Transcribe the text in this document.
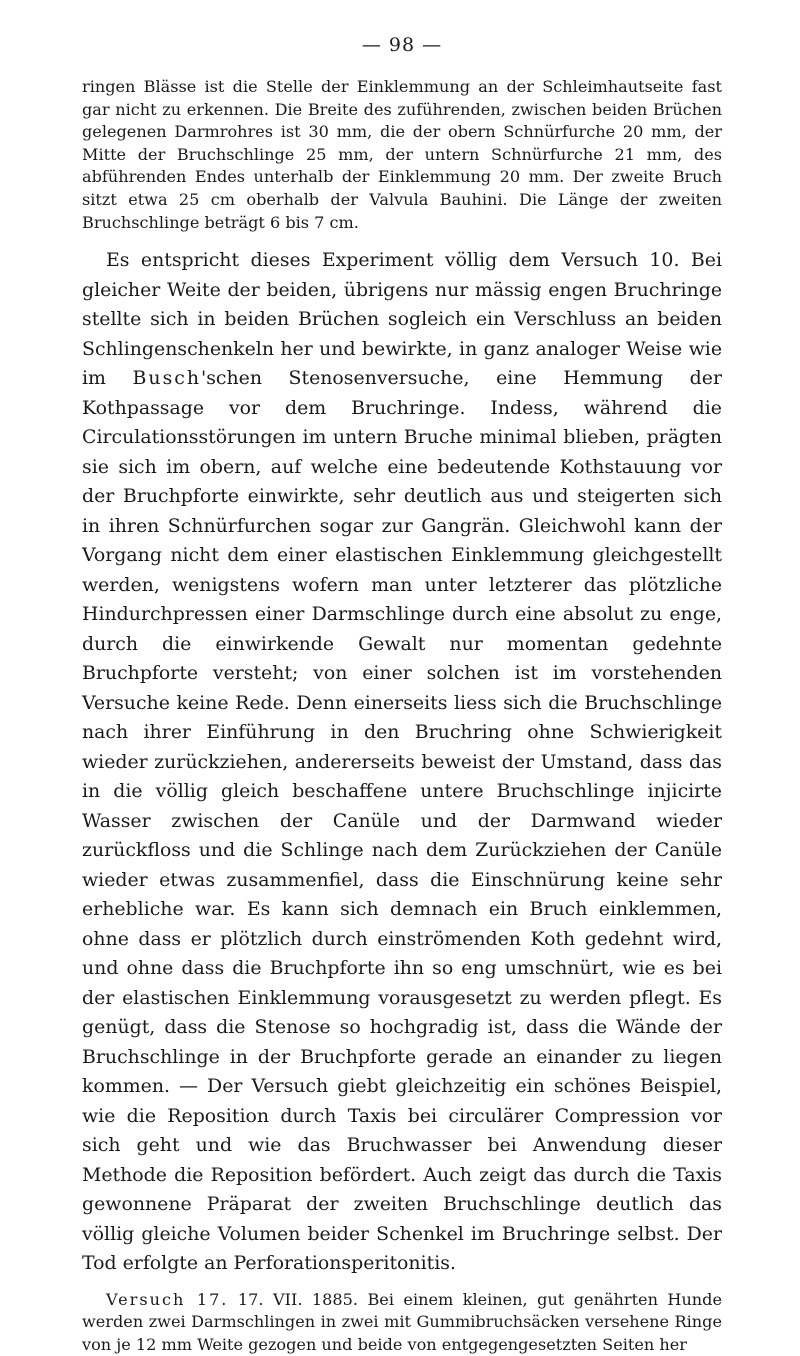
— 98 —

ringen Blässe ist die Stelle der Einklemmung an der Schleimhautseite fast gar nicht zu erkennen. Die Breite des zuführenden, zwischen beiden Brüchen gelegenen Darmrohres ist 30 mm, die der obern Schnürfurche 20 mm, der Mitte der Bruchschlinge 25 mm, der untern Schnürfurche 21 mm, des abführenden Endes unterhalb der Einklemmung 20 mm. Der zweite Bruch sitzt etwa 25 cm oberhalb der Valvula Bauhini. Die Länge der zweiten Bruchschlinge beträgt 6 bis 7 cm.

Es entspricht dieses Experiment völlig dem Versuch 10. Bei gleicher Weite der beiden, übrigens nur mässig engen Bruchringe stellte sich in beiden Brüchen sogleich ein Verschluss an beiden Schlingenschenkeln her und bewirkte, in ganz analoger Weise wie im Busch'schen Stenosenversuche, eine Hemmung der Kothpassage vor dem Bruchringe. Indess, während die Circulationsstörungen im untern Bruche minimal blieben, prägten sie sich im obern, auf welche eine bedeutende Kothstauung vor der Bruchpforte einwirkte, sehr deutlich aus und steigerten sich in ihren Schnürfurchen sogar zur Gangrän. Gleichwohl kann der Vorgang nicht dem einer elastischen Einklemmung gleichgestellt werden, wenigstens wofern man unter letzterer das plötzliche Hindurchpressen einer Darmschlinge durch eine absolut zu enge, durch die einwirkende Gewalt nur momentan gedehnte Bruchpforte versteht; von einer solchen ist im vorstehenden Versuche keine Rede. Denn einerseits liess sich die Bruchschlinge nach ihrer Einführung in den Bruchring ohne Schwierigkeit wieder zurückziehen, andererseits beweist der Umstand, dass das in die völlig gleich beschaffene untere Bruchschlinge injicirte Wasser zwischen der Canüle und der Darmwand wieder zurückfloss und die Schlinge nach dem Zurückziehen der Canüle wieder etwas zusammenfiel, dass die Einschnürung keine sehr erhebliche war. Es kann sich demnach ein Bruch einklemmen, ohne dass er plötzlich durch einströmenden Koth gedehnt wird, und ohne dass die Bruchpforte ihn so eng umschnürt, wie es bei der elastischen Einklemmung vorausgesetzt zu werden pflegt. Es genügt, dass die Stenose so hochgradig ist, dass die Wände der Bruchschlinge in der Bruchpforte gerade an einander zu liegen kommen. — Der Versuch giebt gleichzeitig ein schönes Beispiel, wie die Reposition durch Taxis bei circulärer Compression vor sich geht und wie das Bruchwasser bei Anwendung dieser Methode die Reposition befördert. Auch zeigt das durch die Taxis gewonnene Präparat der zweiten Bruchschlinge deutlich das völlig gleiche Volumen beider Schenkel im Bruchringe selbst. Der Tod erfolgte an Perforationsperitonitis.

Versuch 17. 17. VII. 1885. Bei einem kleinen, gut genährten Hunde werden zwei Darmschlingen in zwei mit Gummibruchsäcken versehene Ringe von je 12 mm Weite gezogen und beide von entgegengesetzten Seiten her
